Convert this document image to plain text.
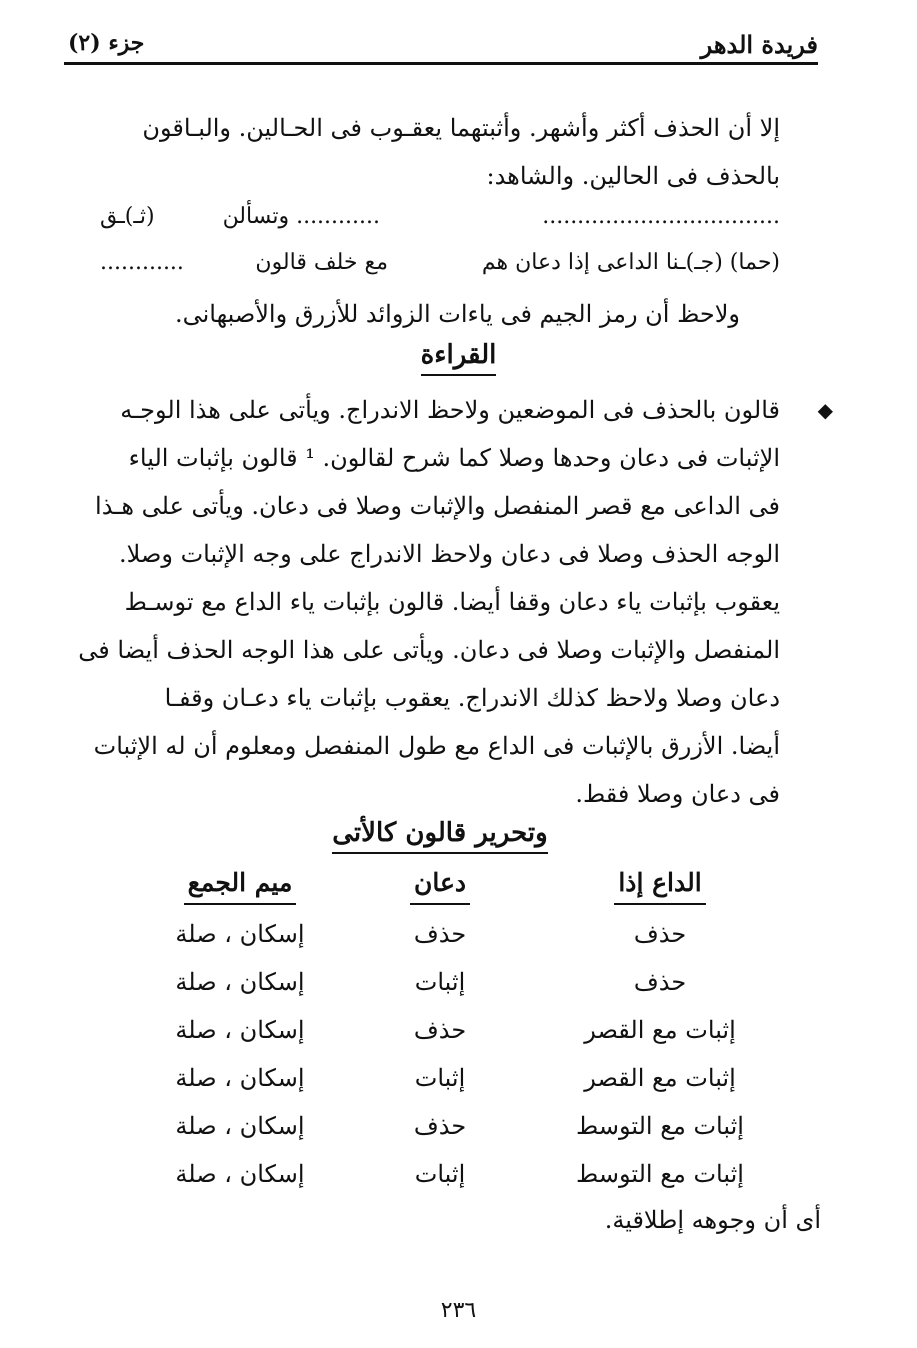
فريدة الدهر
جزء (٢)
إلا أن الحذف أكثر وأشهر. وأثبتهما يعقـوب فى الحـالين. والبـاقون
بالحذف فى الحالين. والشاهد:
..................................
............ وتسألن
(ثـ)ـق
(حما) (جـ)ـنا الداعى إذا دعان هم
مع خلف قالون
............
ولاحظ أن رمز الجيم فى ياءات الزوائد للأزرق والأصبهانى.
القراءة
◆
قالون بالحذف فى الموضعين ولاحظ الاندراج. ويأتى على هذا الوجـه
الإثبات فى دعان وحدها وصلا كما شرح لقالون. ¹ قالون بإثبات الياء
فى الداعى مع قصر المنفصل والإثبات وصلا فى دعان. ويأتى على هـذا
الوجه الحذف وصلا فى دعان ولاحظ الاندراج على وجه الإثبات وصلا.
يعقوب بإثبات ياء دعان وقفا أيضا. قالون بإثبات ياء الداع مع توسـط
المنفصل والإثبات وصلا فى دعان. ويأتى على هذا الوجه الحذف أيضا فى
دعان وصلا ولاحظ كذلك الاندراج. يعقوب بإثبات ياء دعـان وقفـا
أيضا. الأزرق بالإثبات فى الداع مع طول المنفصل ومعلوم أن له الإثبات
فى دعان وصلا فقط.
وتحرير قالون كالأتى
الداع إذا
دعان
ميم الجمع
حذف
حذف
إسكان ، صلة
حذف
إثبات
إسكان ، صلة
إثبات مع القصر
حذف
إسكان ، صلة
إثبات مع القصر
إثبات
إسكان ، صلة
إثبات مع التوسط
حذف
إسكان ، صلة
إثبات مع التوسط
إثبات
إسكان ، صلة
أى أن وجوهه إطلاقية.
٢٣٦
